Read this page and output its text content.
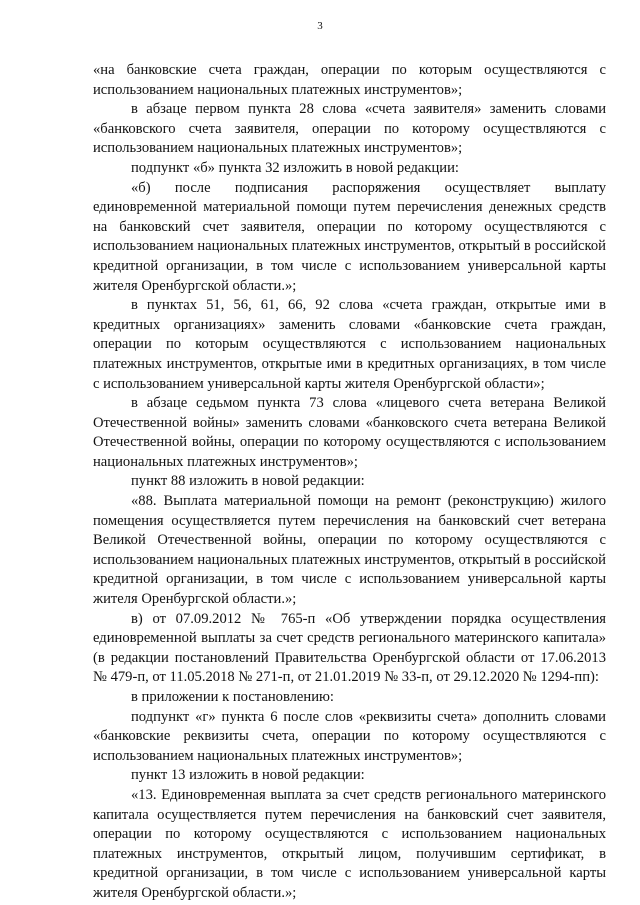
3

«на банковские счета граждан, операции по которым осуществляются с использованием национальных платежных инструментов»;

в абзаце первом пункта 28 слова «счета заявителя» заменить словами «банковского счета заявителя, операции по которому осуществляются с использованием национальных платежных инструментов»;

подпункт «б» пункта 32 изложить в новой редакции:

«б) после подписания распоряжения осуществляет выплату единовременной материальной помощи путем перечисления денежных средств на банковский счет заявителя, операции по которому осуществляются с использованием национальных платежных инструментов, открытый в российской кредитной организации, в том числе с использованием универсальной карты жителя Оренбургской области.»;

в пунктах 51, 56, 61, 66, 92 слова «счета граждан, открытые ими в кредитных организациях» заменить словами «банковские счета граждан, операции по которым осуществляются с использованием национальных платежных инструментов, открытые ими в кредитных организациях, в том числе с использованием универсальной карты жителя Оренбургской области»;

в абзаце седьмом пункта 73 слова «лицевого счета ветерана Великой Отечественной войны» заменить словами «банковского счета ветерана Великой Отечественной войны, операции по которому осуществляются с использованием национальных платежных инструментов»;

пункт 88 изложить в новой редакции:

«88. Выплата материальной помощи на ремонт (реконструкцию) жилого помещения осуществляется путем перечисления на банковский счет ветерана Великой Отечественной войны, операции по которому осуществляются с использованием национальных платежных инструментов, открытый в российской кредитной организации, в том числе с использованием универсальной карты жителя Оренбургской области.»;

в) от 07.09.2012 № 765-п «Об утверждении порядка осуществления единовременной выплаты за счет средств регионального материнского капитала» (в редакции постановлений Правительства Оренбургской области от 17.06.2013 № 479-п, от 11.05.2018 № 271-п, от 21.01.2019 № 33-п, от 29.12.2020 № 1294-пп):

в приложении к постановлению:

подпункт «г» пункта 6 после слов «реквизиты счета» дополнить словами «банковские реквизиты счета, операции по которому осуществляются с использованием национальных платежных инструментов»;

пункт 13 изложить в новой редакции:

«13. Единовременная выплата за счет средств регионального материнского капитала осуществляется путем перечисления на банковский счет заявителя, операции по которому осуществляются с использованием национальных платежных инструментов, открытый лицом, получившим сертификат, в кредитной организации, в том числе с использованием универсальной карты жителя Оренбургской области.»;
